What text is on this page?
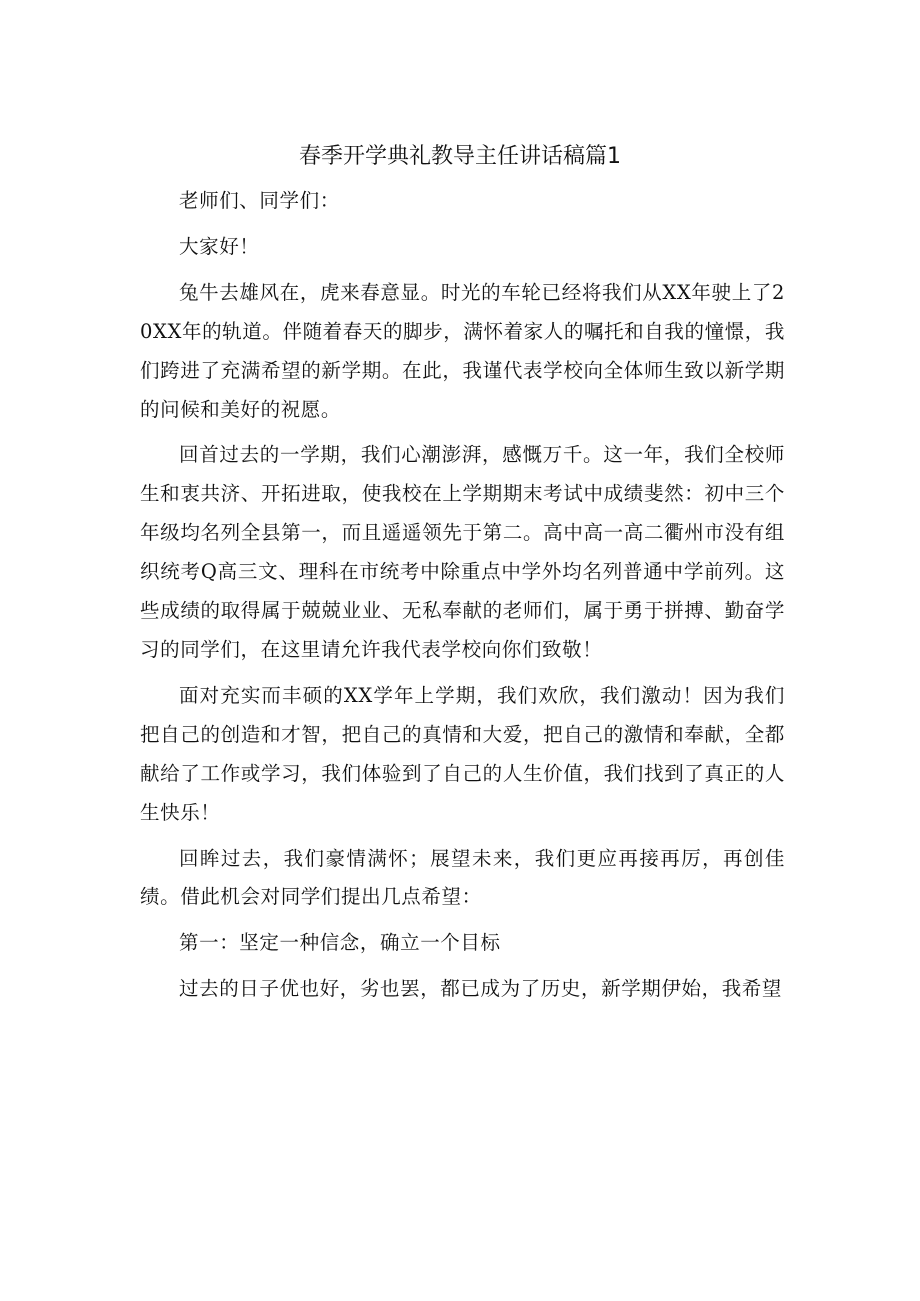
春季开学典礼教导主任讲话稿篇1

老师们、同学们：

大家好！

兔牛去雄风在，虎来春意显。时光的车轮已经将我们从XX年驶上了20XX年的轨道。伴随着春天的脚步，满怀着家人的嘱托和自我的憧憬，我们跨进了充满希望的新学期。在此，我谨代表学校向全体师生致以新学期的问候和美好的祝愿。

回首过去的一学期，我们心潮澎湃，感慨万千。这一年，我们全校师生和衷共济、开拓进取，使我校在上学期期末考试中成绩斐然：初中三个年级均名列全县第一，而且遥遥领先于第二。高中高一高二衢州市没有组织统考Q高三文、理科在市统考中除重点中学外均名列普通中学前列。这些成绩的取得属于兢兢业业、无私奉献的老师们，属于勇于拼搏、勤奋学习的同学们，在这里请允许我代表学校向你们致敬！

面对充实而丰硕的XX学年上学期，我们欢欣，我们激动！因为我们把自己的创造和才智，把自己的真情和大爱，把自己的激情和奉献，全都献给了工作或学习，我们体验到了自己的人生价值，我们找到了真正的人生快乐！

回眸过去，我们豪情满怀；展望未来，我们更应再接再厉，再创佳绩。借此机会对同学们提出几点希望：

第一：坚定一种信念，确立一个目标

过去的日子优也好，劣也罢，都已成为了历史，新学期伊始，我希望
